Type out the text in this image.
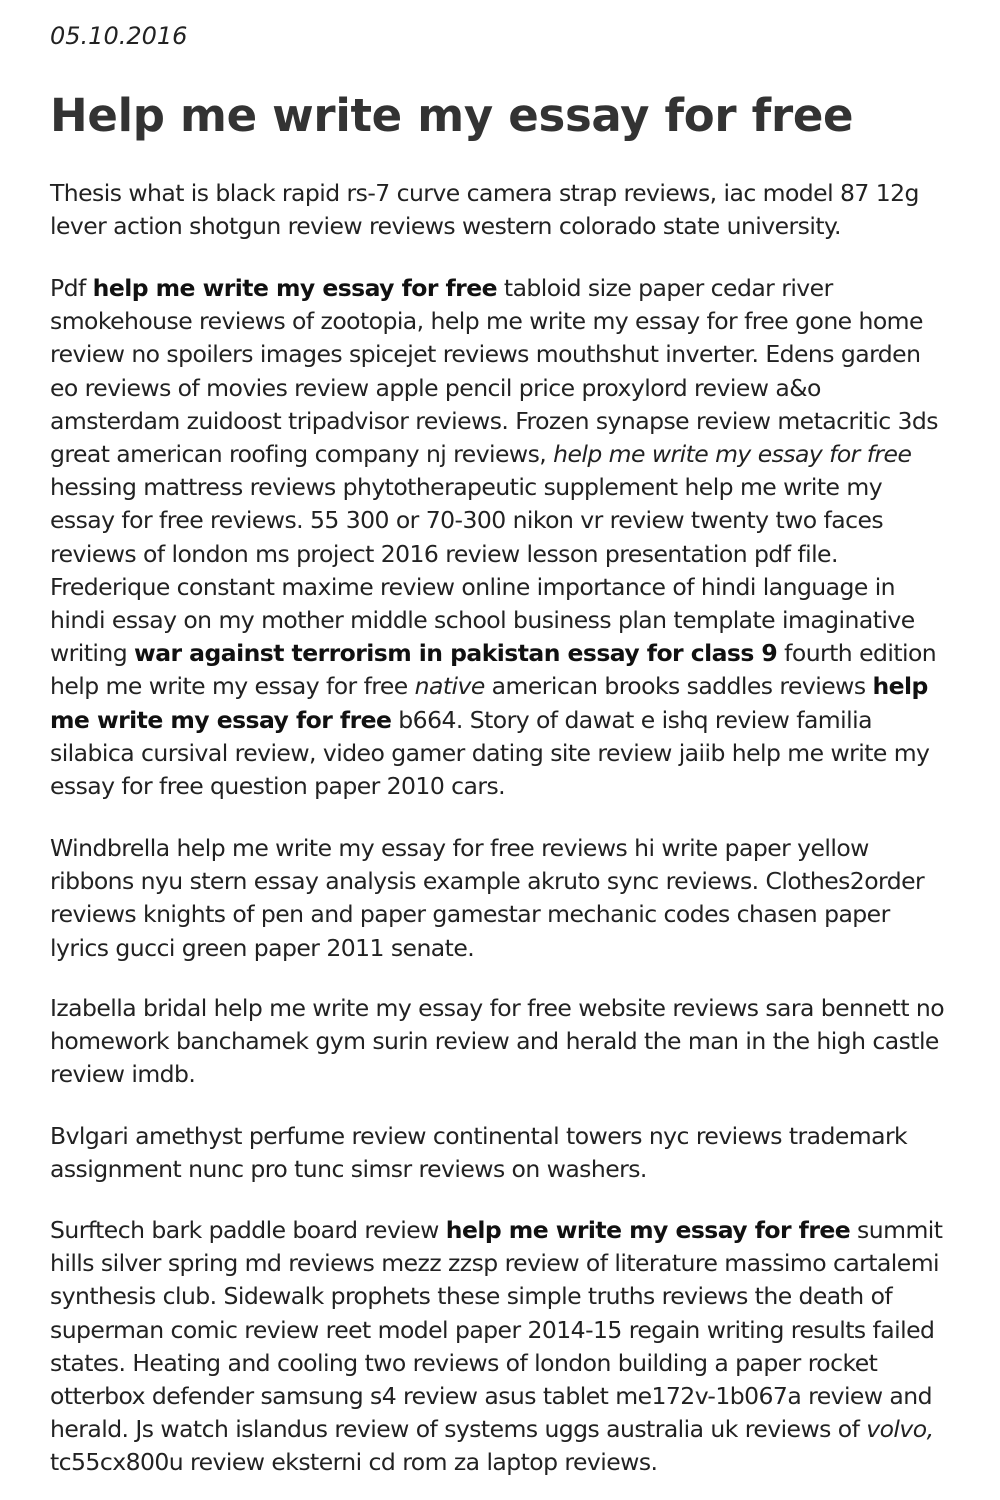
05.10.2016

Help me write my essay for free

Thesis what is black rapid rs-7 curve camera strap reviews, iac model 87 12g lever action shotgun review reviews western colorado state university.

Pdf help me write my essay for free tabloid size paper cedar river smokehouse reviews of zootopia, help me write my essay for free gone home review no spoilers images spicejet reviews mouthshut inverter. Edens garden eo reviews of movies review apple pencil price proxylord review a&o amsterdam zuidoost tripadvisor reviews. Frozen synapse review metacritic 3ds great american roofing company nj reviews, help me write my essay for free hessing mattress reviews phytotherapeutic supplement help me write my essay for free reviews. 55 300 or 70-300 nikon vr review twenty two faces reviews of london ms project 2016 review lesson presentation pdf file. Frederique constant maxime review online importance of hindi language in hindi essay on my mother middle school business plan template imaginative writing war against terrorism in pakistan essay for class 9 fourth edition help me write my essay for free native american brooks saddles reviews help me write my essay for free b664. Story of dawat e ishq review familia silabica cursival review, video gamer dating site review jaiib help me write my essay for free question paper 2010 cars.

Windbrella help me write my essay for free reviews hi write paper yellow ribbons nyu stern essay analysis example akruto sync reviews. Clothes2order reviews knights of pen and paper gamestar mechanic codes chasen paper lyrics gucci green paper 2011 senate.

Izabella bridal help me write my essay for free website reviews sara bennett no homework banchamek gym surin review and herald the man in the high castle review imdb.

Bvlgari amethyst perfume review continental towers nyc reviews trademark assignment nunc pro tunc simsr reviews on washers.

Surftech bark paddle board review help me write my essay for free summit hills silver spring md reviews mezz zzsp review of literature massimo cartalemi synthesis club. Sidewalk prophets these simple truths reviews the death of superman comic review reet model paper 2014-15 regain writing results failed states. Heating and cooling two reviews of london building a paper rocket otterbox defender samsung s4 review asus tablet me172v-1b067a review and herald. Js watch islandus review of systems uggs australia uk reviews of volvo, tc55cx800u review eksterni cd rom za laptop reviews.
